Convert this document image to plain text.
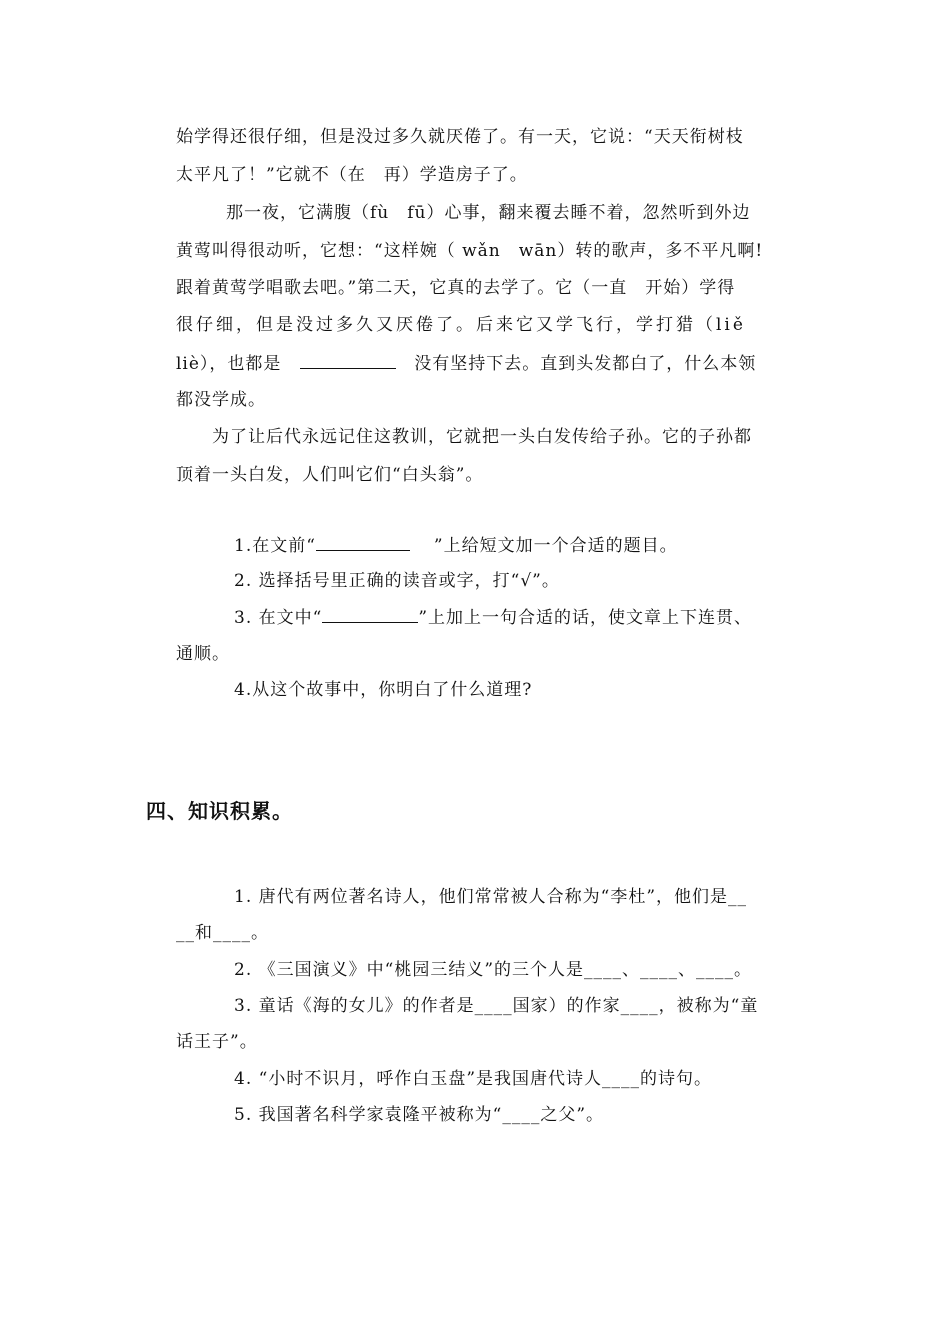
始学得还很仔细，但是没过多久就厌倦了。有一天，它说：“天天衔树枝
太平凡了！”它就不（在　再）学造房子了。
那一夜，它满腹（fù　fū）心事，翻来覆去睡不着，忽然听到外边
黄莺叫得很动听，它想：“这样婉（ wǎn　wān）转的歌声，多不平凡啊!
跟着黄莺学唱歌去吧。”第二天，它真的去学了。它（一直　开始）学得
很仔细，但是没过多久又厌倦了。后来它又学飞行，学打猎（liě
liè），也都是	没有坚持下去。直到头发都白了，什么本领
都没学成。
为了让后代永远记住这教训，它就把一头白发传给子孙。它的子孙都
顶着一头白发，人们叫它们“白头翁”。
1.在文前“	”上给短文加一个合适的题目。
2. 选择括号里正确的读音或字，打“√”。
3. 在文中“	”上加上一句合适的话，使文章上下连贯、
通顺。
4.从这个故事中，你明白了什么道理?
四、知识积累。
1. 唐代有两位著名诗人，他们常常被人合称为“李杜”，他们是__
__和____。
2. 《三国演义》中“桃园三结义”的三个人是____、____、____。
3. 童话《海的女儿》的作者是____国家）的作家____，被称为“童
话王子”。
4. “小时不识月，呼作白玉盘”是我国唐代诗人____的诗句。
5. 我国著名科学家袁隆平被称为“____之父”。
